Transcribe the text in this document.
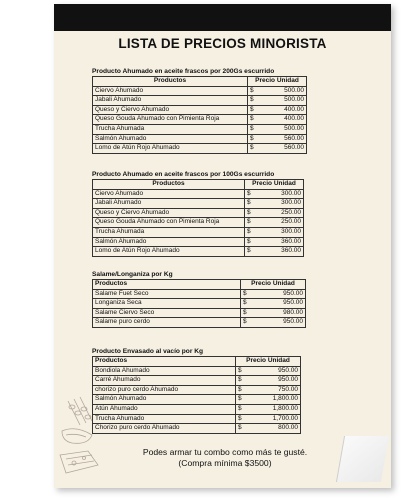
LISTA DE PRECIOS MINORISTA
Producto Ahumado en aceite frascos por 200Gs escurrido
Productos	Precio Unidad	
Ciervo Ahumado	$	500.00
Jabali Ahumado	$	500.00
Queso y Ciervo Ahumado	$	400.00
Queso Gouda Ahumado con Pimienta Roja	$	400.00
Trucha Ahumada	$	500.00
Salmón Ahumado	$	560.00
Lomo de Atún Rojo Ahumado	$	560.00
Producto Ahumado en aceite frascos por 100Gs escurrido
Productos	Precio Unidad	
Ciervo Ahumado	$	300.00
Jabali Ahumado	$	300.00
Queso y Ciervo Ahumado	$	250.00
Queso Gouda Ahumado con Pimienta Roja	$	250.00
Trucha Ahumada	$	300.00
Salmón Ahumado	$	360.00
Lomo de Atún Rojo Ahumado	$	360.00
Salame/Longaniza por Kg
Productos	Precio Unidad	
Salame Fuet Seco	$	950.00
Longaniza Seca	$	950.00
Salame Ciervo Seco	$	980.00
Salame puro cerdo	$	950.00
Producto Envasado al vacío por Kg
Productos	Precio Unidad	
Bondiola Ahumado	$	950.00
Carré Ahumado	$	950.00
chorizo puro cerdo Ahumado	$	750.00
Salmón Ahumado	$	1,800.00
Atún Ahumado	$	1,800.00
Trucha Ahumado	$	1,700.00
Chorizo puro cerdo Ahumado	$	800.00
Podes armar tu combo como más te gusté.
(Compra mínima $3500)
